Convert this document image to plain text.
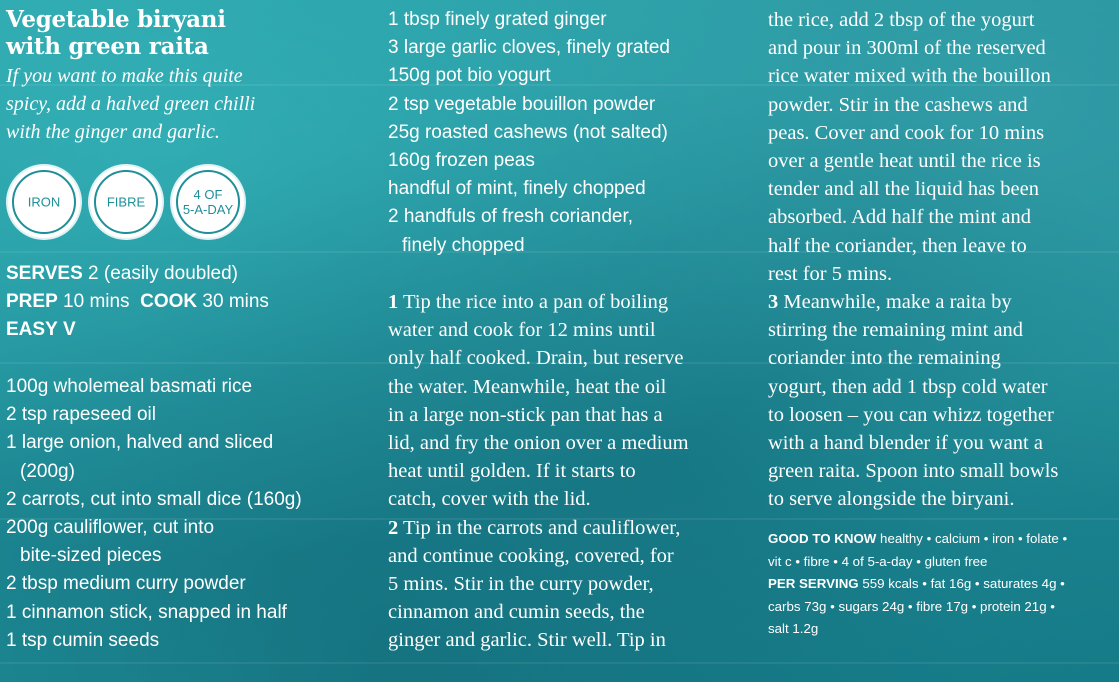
Vegetable biryani
with green raita
If you want to make this quite
spicy, add a halved green chilli
with the ginger and garlic.
IRON	FIBRE	4 OF
5-A-DAY
SERVES 2 (easily doubled)
PREP 10 mins COOK 30 mins
EASY V
100g wholemeal basmati rice
2 tsp rapeseed oil
1 large onion, halved and sliced
(200g)
2 carrots, cut into small dice (160g)
200g cauliflower, cut into
bite-sized pieces
2 tbsp medium curry powder
1 cinnamon stick, snapped in half
1 tsp cumin seeds
1 tbsp finely grated ginger
3 large garlic cloves, finely grated
150g pot bio yogurt
2 tsp vegetable bouillon powder
25g roasted cashews (not salted)
160g frozen peas
handful of mint, finely chopped
2 handfuls of fresh coriander,
finely chopped
1 Tip the rice into a pan of boiling
water and cook for 12 mins until
only half cooked. Drain, but reserve
the water. Meanwhile, heat the oil
in a large non-stick pan that has a
lid, and fry the onion over a medium
heat until golden. If it starts to
catch, cover with the lid.
2 Tip in the carrots and cauliflower,
and continue cooking, covered, for
5 mins. Stir in the curry powder,
cinnamon and cumin seeds, the
ginger and garlic. Stir well. Tip in
the rice, add 2 tbsp of the yogurt
and pour in 300ml of the reserved
rice water mixed with the bouillon
powder. Stir in the cashews and
peas. Cover and cook for 10 mins
over a gentle heat until the rice is
tender and all the liquid has been
absorbed. Add half the mint and
half the coriander, then leave to
rest for 5 mins.
3 Meanwhile, make a raita by
stirring the remaining mint and
coriander into the remaining
yogurt, then add 1 tbsp cold water
to loosen – you can whizz together
with a hand blender if you want a
green raita. Spoon into small bowls
to serve alongside the biryani.
GOOD TO KNOW healthy • calcium • iron • folate •
vit c • fibre • 4 of 5-a-day • gluten free
PER SERVING 559 kcals • fat 16g • saturates 4g •
carbs 73g • sugars 24g • fibre 17g • protein 21g •
salt 1.2g
